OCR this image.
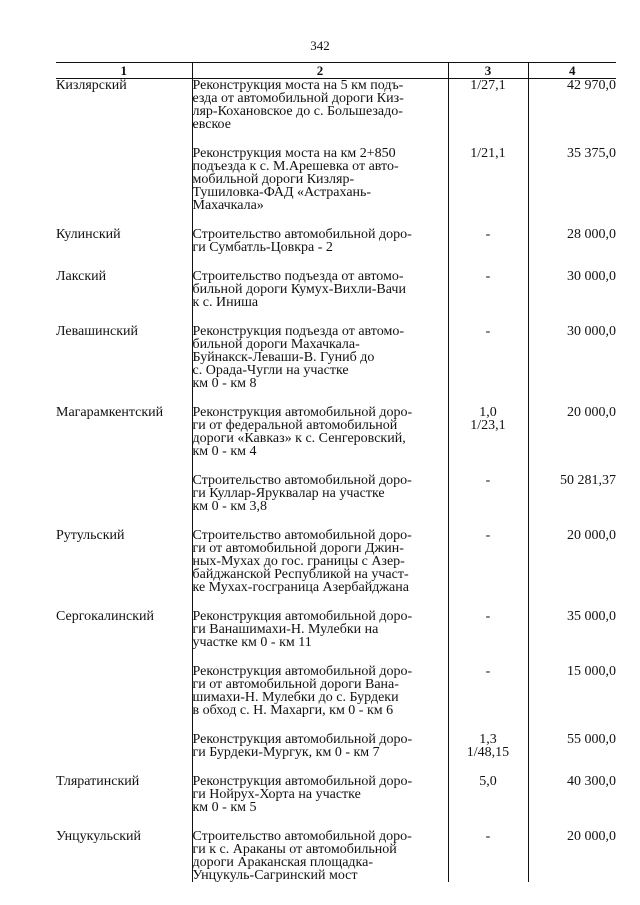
342
1	2	3	4
Кизлярский	Реконструкция моста на 5 км подъ-
езда от автомобильной дороги Киз-
ляр-Кохановское до с. Большезадо-
евское	1/27,1	42 970,0

	Реконструкция моста на км 2+850
подъезда к с. М.Арешевка от авто-
мобильной дороги Кизляр-
Тушиловка-ФАД «Астрахань-
Махачкала»	1/21,1	35 375,0

Кулинский	Строительство автомобильной доро-
ги Сумбатль-Цовкра - 2	-	28 000,0

Лакский	Строительство подъезда от автомо-
бильной дороги Кумух-Вихли-Вачи
к с. Иниша	-	30 000,0

Левашинский	Реконструкция подъезда от автомо-
бильной дороги Махачкала-
Буйнакск-Леваши-В. Гуниб до
с. Орада-Чугли на участке
км 0 - км 8	-	30 000,0

Магарамкентский	Реконструкция автомобильной доро-
ги от федеральной автомобильной
дороги «Кавказ» к с. Сенгеровский,
км 0 - км 4	1,0
1/23,1	20 000,0

	Строительство автомобильной доро-
ги Куллар-Яруквалар на участке
км 0 - км 3,8	-	50 281,37

Рутульский	Строительство автомобильной доро-
ги от автомобильной дороги Джин-
ных-Мухах до гос. границы с Азер-
байджанской Республикой на участ-
ке Мухах-госграница Азербайджана	-	20 000,0

Сергокалинский	Реконструкция автомобильной доро-
ги Ванашимахи-Н. Мулебки на
участке км 0 - км 11	-	35 000,0

	Реконструкция автомобильной доро-
ги от автомобильной дороги Вана-
шимахи-Н. Мулебки до с. Бурдеки
в обход с. Н. Махарги, км 0 - км 6	-	15 000,0

	Реконструкция автомобильной доро-
ги Бурдеки-Мургук, км 0 - км 7	1,3
1/48,15	55 000,0

Тляратинский	Реконструкция автомобильной доро-
ги Нойрух-Хорта на участке
км 0 - км 5	5,0	40 300,0

Унцукульский	Строительство автомобильной доро-
ги к с. Араканы от автомобильной
дороги Араканская площадка-
Унцукуль-Сагринский мост	-	20 000,0
